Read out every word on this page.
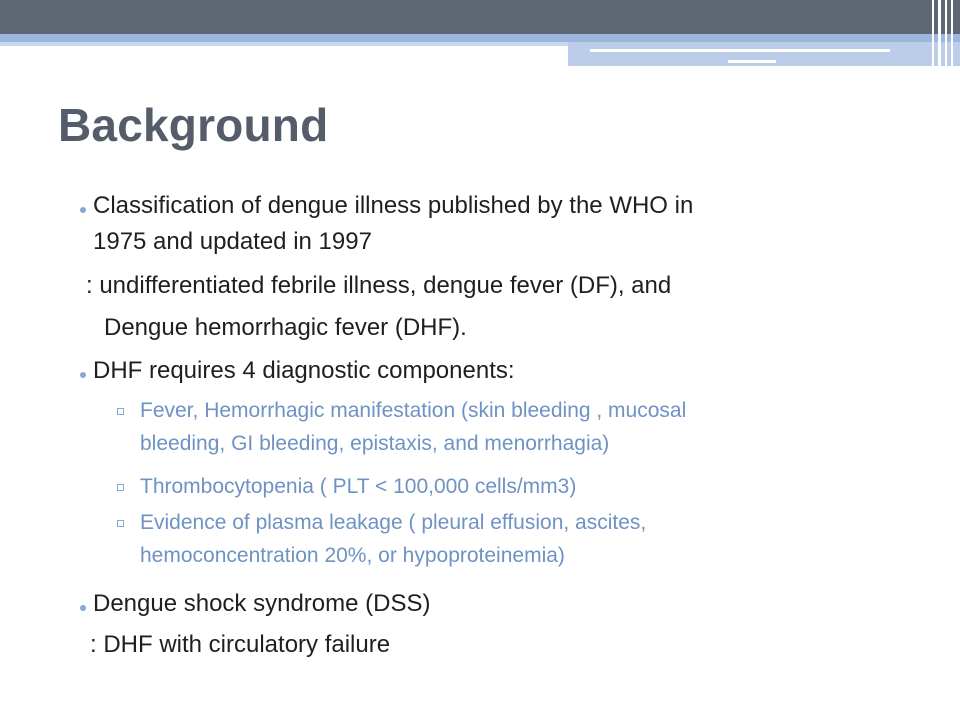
Background
Classification of dengue illness published by the WHO in
1975 and updated in 1997
: undifferentiated febrile illness, dengue fever (DF), and
Dengue hemorrhagic fever (DHF).
DHF requires 4 diagnostic components:
Fever, Hemorrhagic manifestation (skin bleeding , mucosal
bleeding, GI bleeding, epistaxis, and menorrhagia)
Thrombocytopenia ( PLT < 100,000 cells/mm3)
Evidence of plasma leakage ( pleural effusion, ascites,
hemoconcentration 20%, or hypoproteinemia)
Dengue shock syndrome (DSS)
: DHF with circulatory failure
